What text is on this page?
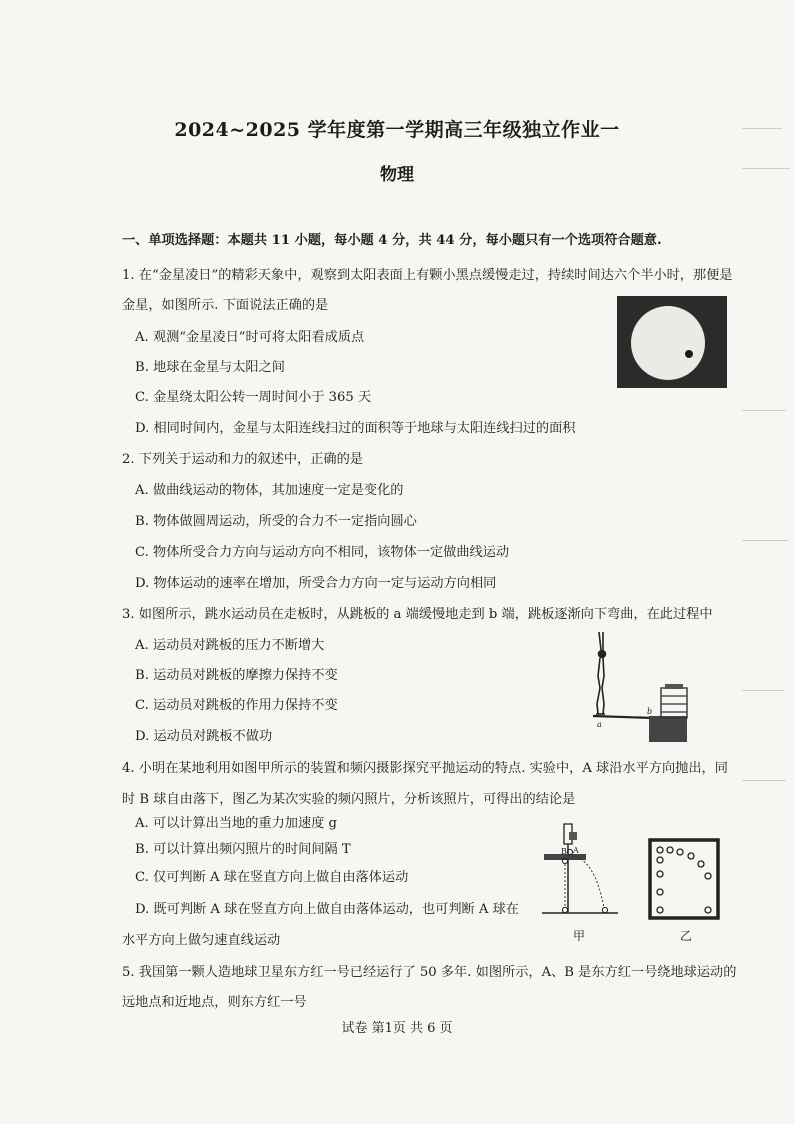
2024~2025 学年度第一学期高三年级独立作业一
物理
一、单项选择题：本题共 11 小题，每小题 4 分，共 44 分，每小题只有一个选项符合题意.
1. 在“金星凌日”的精彩天象中，观察到太阳表面上有颗小黑点缓慢走过，持续时间达六个半小时，那便是
金星，如图所示. 下面说法正确的是
A. 观测“金星凌日”时可将太阳看成质点
B. 地球在金星与太阳之间
C. 金星绕太阳公转一周时间小于 365 天
D. 相同时间内，金星与太阳连线扫过的面积等于地球与太阳连线扫过的面积
2. 下列关于运动和力的叙述中，正确的是
A. 做曲线运动的物体，其加速度一定是变化的
B. 物体做圆周运动，所受的合力不一定指向圆心
C. 物体所受合力方向与运动方向不相同，该物体一定做曲线运动
D. 物体运动的速率在增加，所受合力方向一定与运动方向相同
3. 如图所示，跳水运动员在走板时，从跳板的 a 端缓慢地走到 b 端，跳板逐渐向下弯曲，在此过程中
A. 运动员对跳板的压力不断增大
B. 运动员对跳板的摩擦力保持不变
C. 运动员对跳板的作用力保持不变
D. 运动员对跳板不做功
a
b
4. 小明在某地利用如图甲所示的装置和频闪摄影探究平抛运动的特点. 实验中，A 球沿水平方向抛出，同
时 B 球自由落下，图乙为某次实验的频闪照片，分析该照片，可得出的结论是
A. 可以计算出当地的重力加速度 g
B. 可以计算出频闪照片的时间间隔 T
C. 仅可判断 A 球在竖直方向上做自由落体运动
D. 既可判断 A 球在竖直方向上做自由落体运动，也可判断 A 球在
水平方向上做匀速直线运动
A
B
甲	乙
5. 我国第一颗人造地球卫星东方红一号已经运行了 50 多年. 如图所示，A、B 是东方红一号绕地球运动的
远地点和近地点，则东方红一号
试卷 第1页 共 6 页
